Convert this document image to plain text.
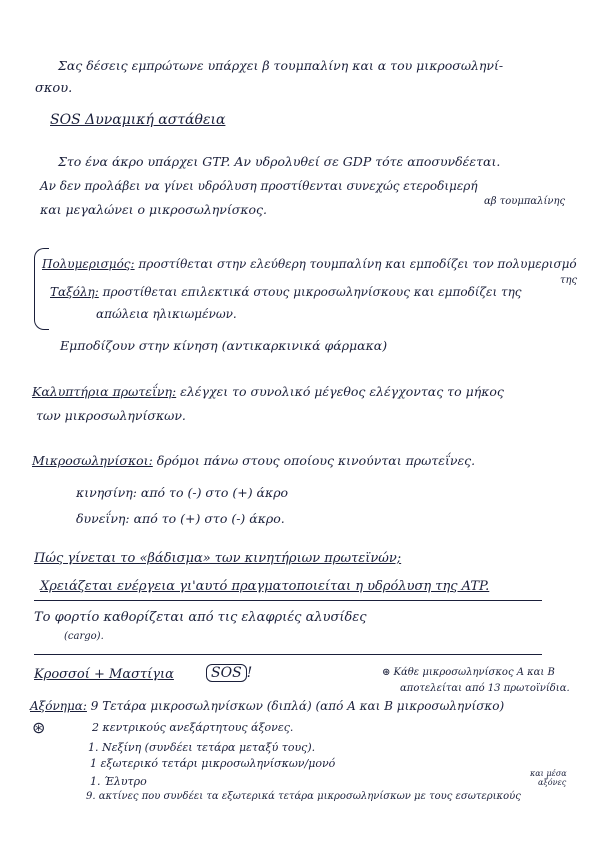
Σας δέσεις εμπρώτωνε υπάρχει β τουμπαλίνη και α του μικροσωληνί-
σκου.
SOS Δυναμική αστάθεια
Στο ένα άκρο υπάρχει GTP. Αν υδρολυθεί σε GDP τότε αποσυνδέεται.
Αν δεν προλάβει να γίνει υδρόλυση προστίθενται συνεχώς ετεροδιμερή
αβ τουμπαλίνης
και μεγαλώνει ο μικροσωληνίσκος.
Πολυμερισμός: προστίθεται στην ελεύθερη τουμπαλίνη και εμποδίζει τον πολυμερισμό
της
Ταξόλη: προστίθεται επιλεκτικά στους μικροσωληνίσκους και εμποδίζει της
απώλεια ηλικιωμένων.
Εμποδίζουν στην κίνηση (αντικαρκινικά φάρμακα)
Καλυπτήρια πρωτεΐνη: ελέγχει το συνολικό μέγεθος ελέγχοντας το μήκος
των μικροσωληνίσκων.
Μικροσωληνίσκοι: δρόμοι πάνω στους οποίους κινούνται πρωτεΐνες.
κινησίνη: από το (-) στο (+) άκρο
δυνεΐνη: από το (+) στο (-) άκρο.
Πώς γίνεται το «βάδισμα» των κινητήριων πρωτεϊνών;
Χρειάζεται ενέργεια γι'αυτό πραγματοποιείται η υδρόλυση της ATP.
Το φορτίο καθορίζεται από τις ελαφριές αλυσίδες
(cargo).
Κροσσοί + Μαστίγια	SOS !	⊛ Κάθε μικροσωληνίσκος A και B
αποτελείται από 13 πρωτοϊνίδια.
Αξόνημα: 9 Τετάρα μικροσωληνίσκων (διπλά) (από A και B μικροσωληνίσκο)
⊛	2 κεντρικούς ανεξάρτητους άξονες.
1. Νεξίνη (συνδέει τετάρα μεταξύ τους).
1 εξωτερικό τετάρι μικροσωληνίσκων/μονό
1. Έλυτρο
9. ακτίνες που συνδέει τα εξωτερικά τετάρα μικροσωληνίσκων με τους εσωτερικούς
και μέσα
αξόνες
